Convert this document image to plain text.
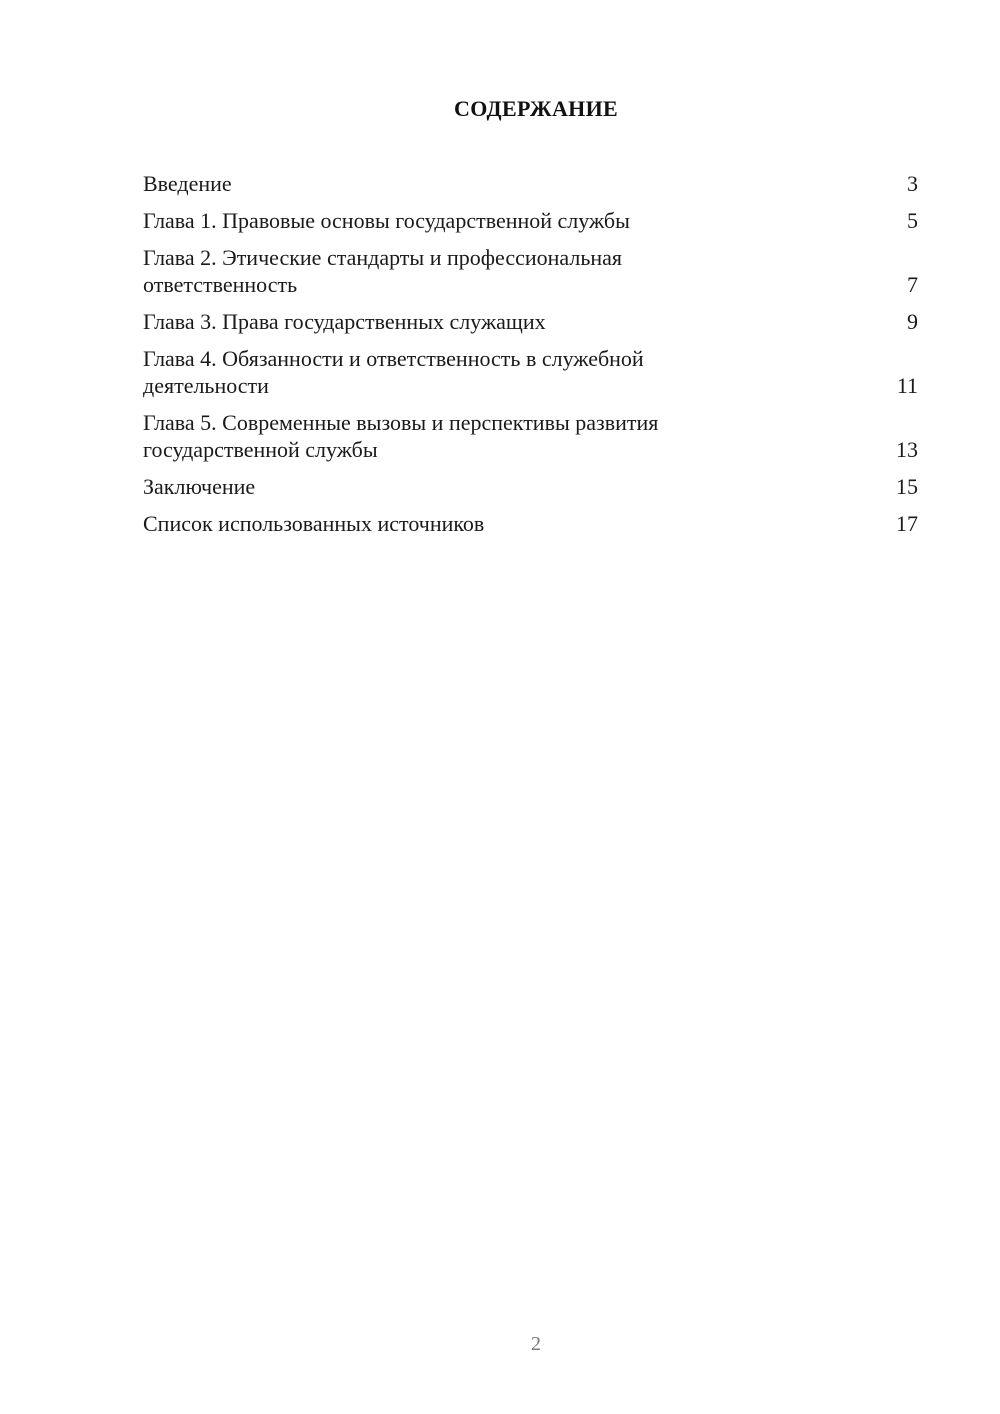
СОДЕРЖАНИЕ
Введение	3
Глава 1. Правовые основы государственной службы	5
Глава 2. Этические стандарты и профессиональная ответственность	7
Глава 3. Права государственных служащих	9
Глава 4. Обязанности и ответственность в служебной деятельности	11
Глава 5. Современные вызовы и перспективы развития государственной службы	13
Заключение	15
Список использованных источников	17
2
